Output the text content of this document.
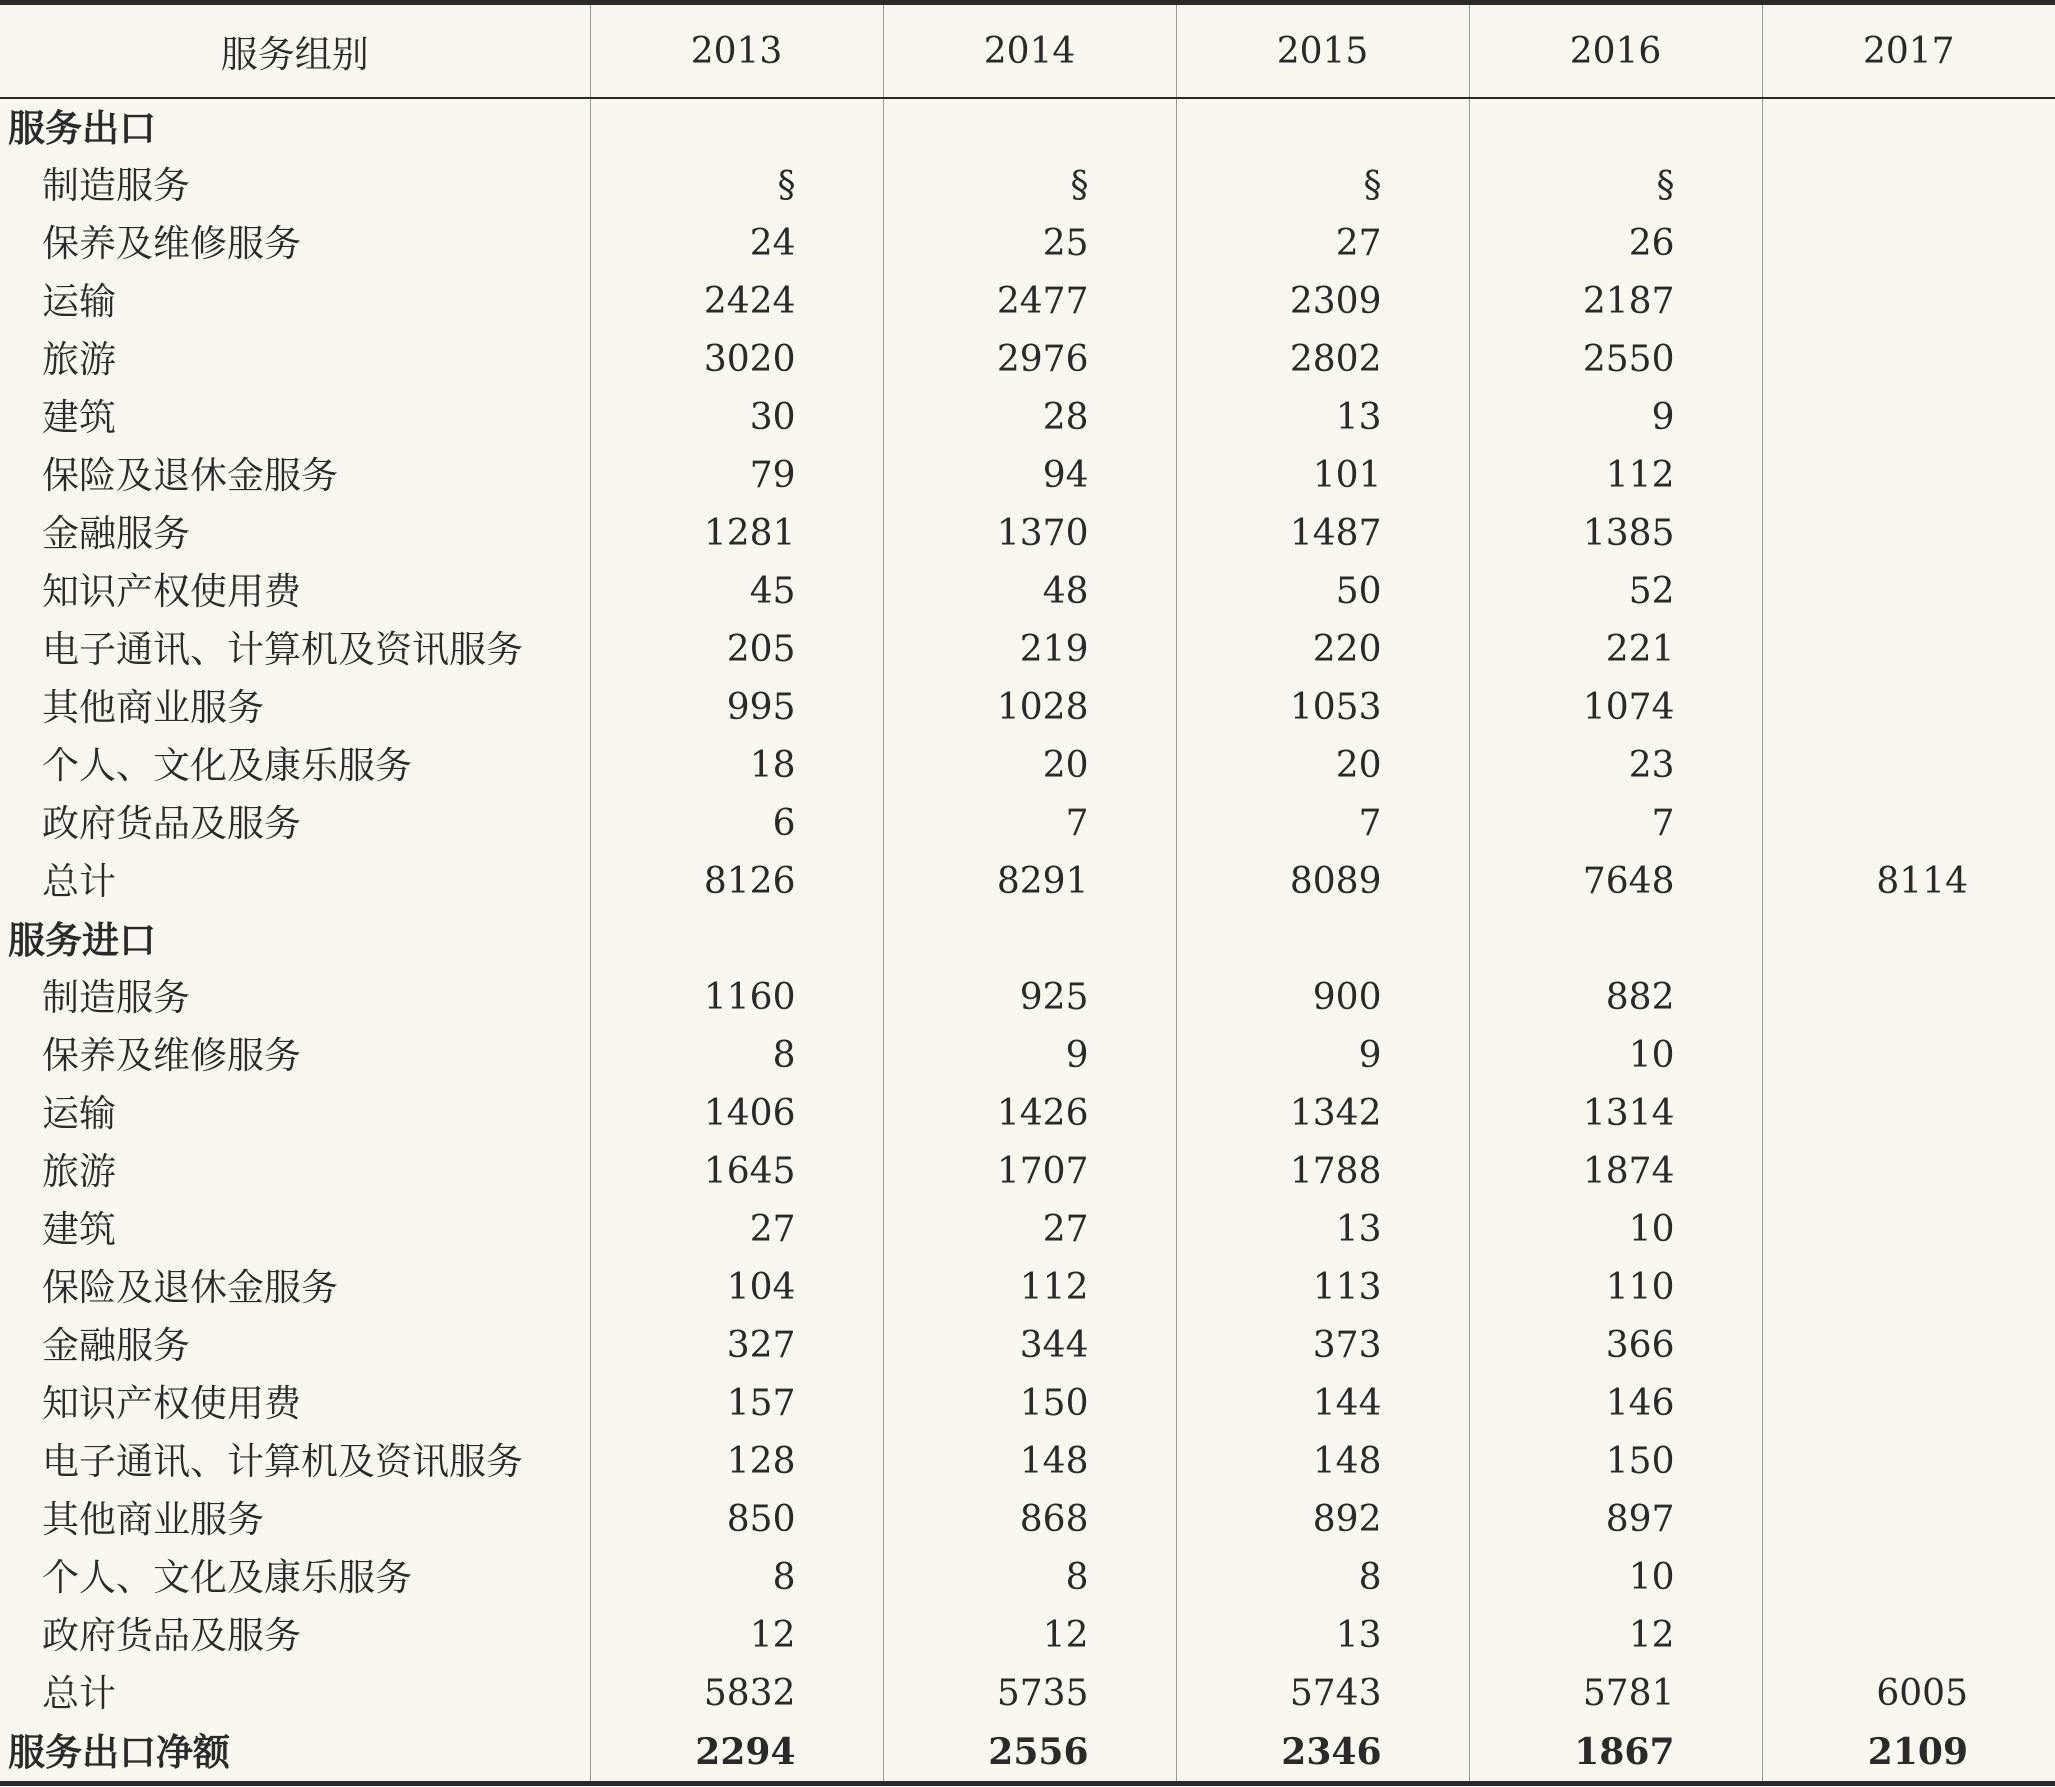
服务组别	2013	2014	2015	2016	2017
服务出口					
制造服务	§	§	§	§	
保养及维修服务	24	25	27	26	
运输	2424	2477	2309	2187	
旅游	3020	2976	2802	2550	
建筑	30	28	13	9	
保险及退休金服务	79	94	101	112	
金融服务	1281	1370	1487	1385	
知识产权使用费	45	48	50	52	
电子通讯、计算机及资讯服务	205	219	220	221	
其他商业服务	995	1028	1053	1074	
个人、文化及康乐服务	18	20	20	23	
政府货品及服务	6	7	7	7	
总计	8126	8291	8089	7648	8114
服务进口					
制造服务	1160	925	900	882	
保养及维修服务	8	9	9	10	
运输	1406	1426	1342	1314	
旅游	1645	1707	1788	1874	
建筑	27	27	13	10	
保险及退休金服务	104	112	113	110	
金融服务	327	344	373	366	
知识产权使用费	157	150	144	146	
电子通讯、计算机及资讯服务	128	148	148	150	
其他商业服务	850	868	892	897	
个人、文化及康乐服务	8	8	8	10	
政府货品及服务	12	12	13	12	
总计	5832	5735	5743	5781	6005
服务出口净额	2294	2556	2346	1867	2109
